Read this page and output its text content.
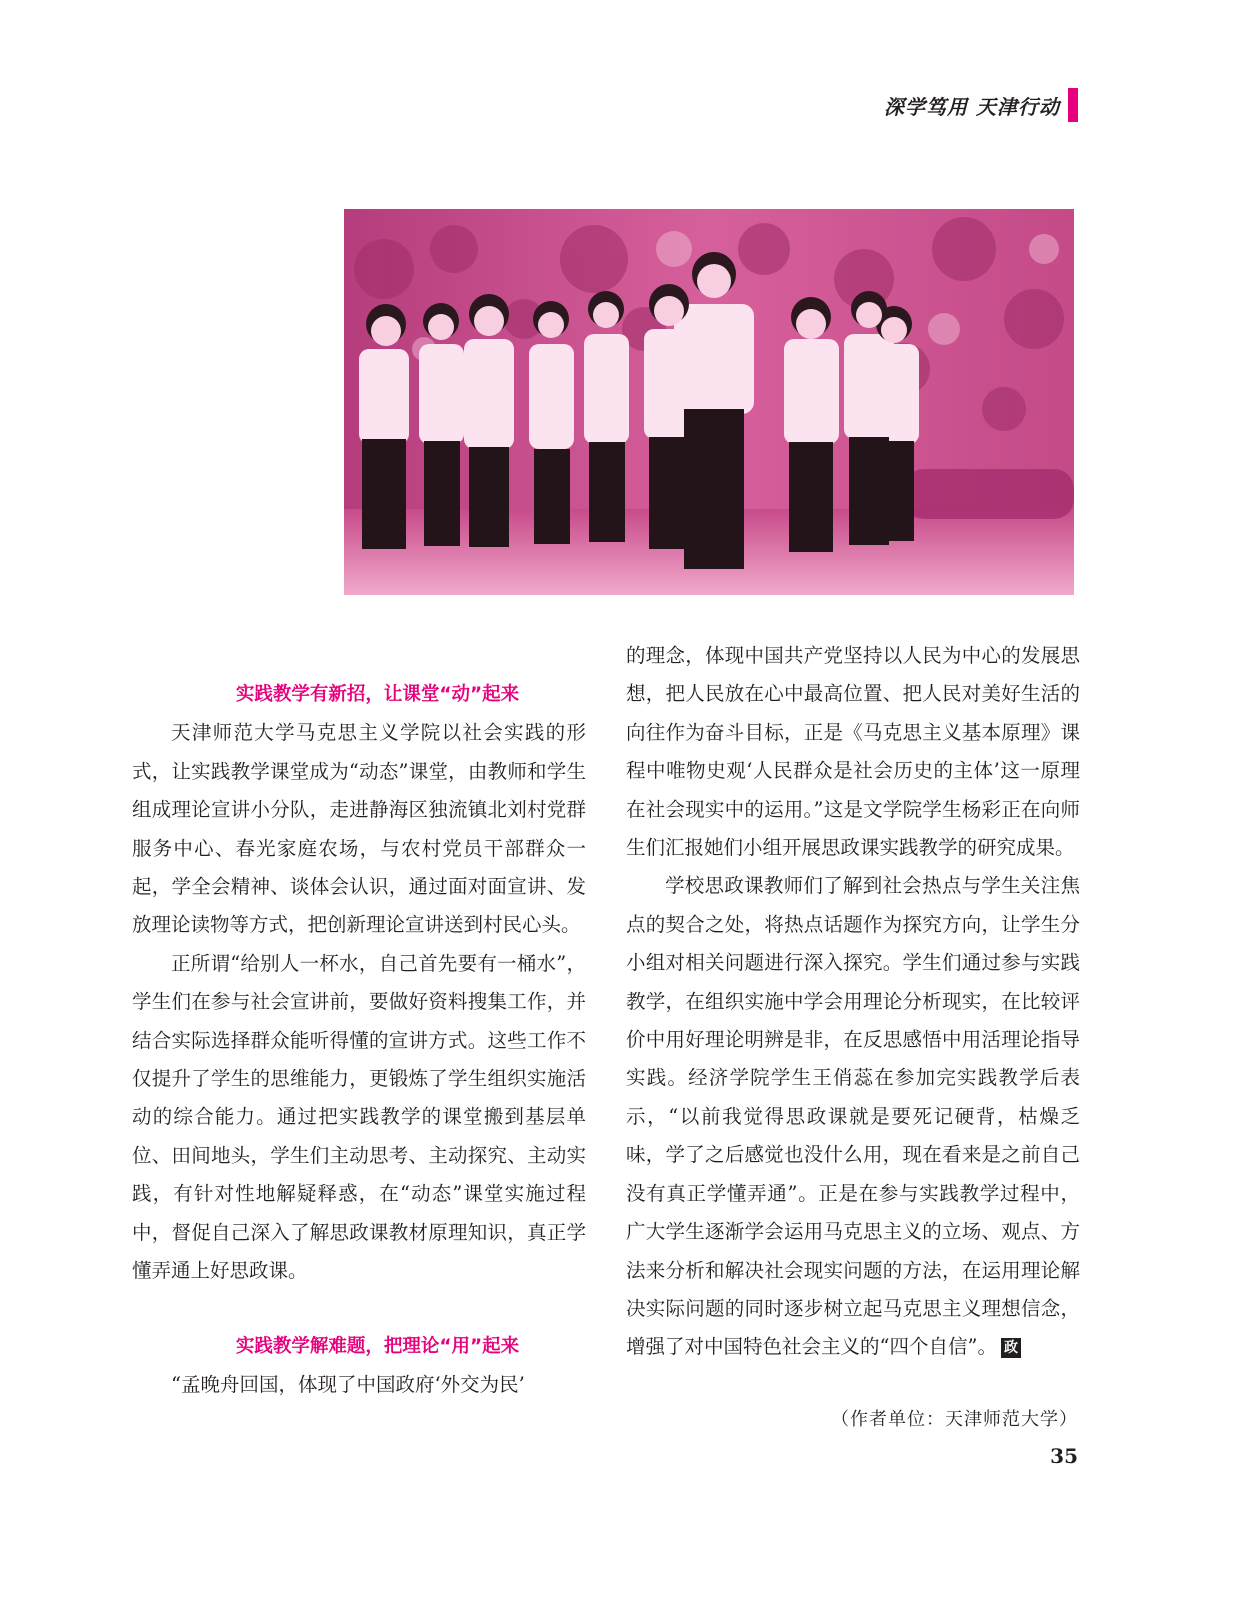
深学笃用 天津行动

实践教学有新招，让课堂“动”起来

天津师范大学马克思主义学院以社会实践的形式，让实践教学课堂成为“动态”课堂，由教师和学生组成理论宣讲小分队，走进静海区独流镇北刘村党群服务中心、春光家庭农场，与农村党员干部群众一起，学全会精神、谈体会认识，通过面对面宣讲、发放理论读物等方式，把创新理论宣讲送到村民心头。

正所谓“给别人一杯水，自己首先要有一桶水”，学生们在参与社会宣讲前，要做好资料搜集工作，并结合实际选择群众能听得懂的宣讲方式。这些工作不仅提升了学生的思维能力，更锻炼了学生组织实施活动的综合能力。通过把实践教学的课堂搬到基层单位、田间地头，学生们主动思考、主动探究、主动实践，有针对性地解疑释惑，在“动态”课堂实施过程中，督促自己深入了解思政课教材原理知识，真正学懂弄通上好思政课。

实践教学解难题，把理论“用”起来

“孟晚舟回国，体现了中国政府‘外交为民’

的理念，体现中国共产党坚持以人民为中心的发展思想，把人民放在心中最高位置、把人民对美好生活的向往作为奋斗目标，正是《马克思主义基本原理》课程中唯物史观‘人民群众是社会历史的主体’这一原理在社会现实中的运用。”这是文学院学生杨彩正在向师生们汇报她们小组开展思政课实践教学的研究成果。

学校思政课教师们了解到社会热点与学生关注焦点的契合之处，将热点话题作为探究方向，让学生分小组对相关问题进行深入探究。学生们通过参与实践教学，在组织实施中学会用理论分析现实，在比较评价中用好理论明辨是非，在反思感悟中用活理论指导实践。经济学院学生王俏蕊在参加完实践教学后表示，“以前我觉得思政课就是要死记硬背，枯燥乏味，学了之后感觉也没什么用，现在看来是之前自己没有真正学懂弄通”。正是在参与实践教学过程中，广大学生逐渐学会运用马克思主义的立场、观点、方法来分析和解决社会现实问题的方法，在运用理论解决实际问题的同时逐步树立起马克思主义理想信念，增强了对中国特色社会主义的“四个自信”。 政

（作者单位：天津师范大学）
35
